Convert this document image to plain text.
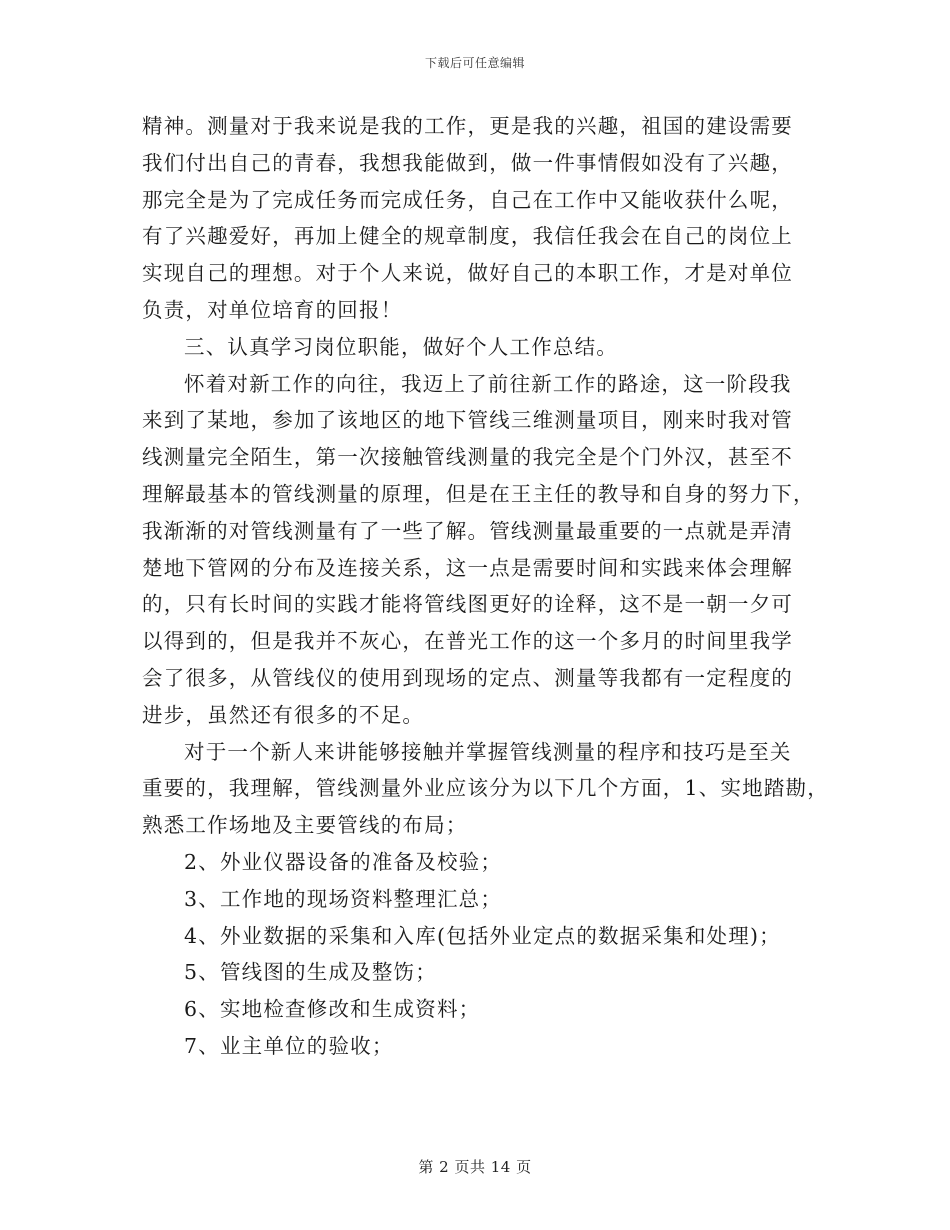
下载后可任意编辑
精神。测量对于我来说是我的工作，更是我的兴趣，祖国的建设需要
我们付出自己的青春，我想我能做到，做一件事情假如没有了兴趣，
那完全是为了完成任务而完成任务，自己在工作中又能收获什么呢，
有了兴趣爱好，再加上健全的规章制度，我信任我会在自己的岗位上
实现自己的理想。对于个人来说，做好自己的本职工作，才是对单位
负责，对单位培育的回报！
三、认真学习岗位职能，做好个人工作总结。
怀着对新工作的向往，我迈上了前往新工作的路途，这一阶段我
来到了某地，参加了该地区的地下管线三维测量项目，刚来时我对管
线测量完全陌生，第一次接触管线测量的我完全是个门外汉，甚至不
理解最基本的管线测量的原理，但是在王主任的教导和自身的努力下，
我渐渐的对管线测量有了一些了解。管线测量最重要的一点就是弄清
楚地下管网的分布及连接关系，这一点是需要时间和实践来体会理解
的，只有长时间的实践才能将管线图更好的诠释，这不是一朝一夕可
以得到的，但是我并不灰心，在普光工作的这一个多月的时间里我学
会了很多，从管线仪的使用到现场的定点、测量等我都有一定程度的
进步，虽然还有很多的不足。
对于一个新人来讲能够接触并掌握管线测量的程序和技巧是至关
重要的，我理解，管线测量外业应该分为以下几个方面，1、实地踏勘，
熟悉工作场地及主要管线的布局；
2、外业仪器设备的准备及校验；
3、工作地的现场资料整理汇总；
4、外业数据的采集和入库(包括外业定点的数据采集和处理)；
5、管线图的生成及整饬；
6、实地检查修改和生成资料；
7、业主单位的验收；
第 2 页共 14 页
